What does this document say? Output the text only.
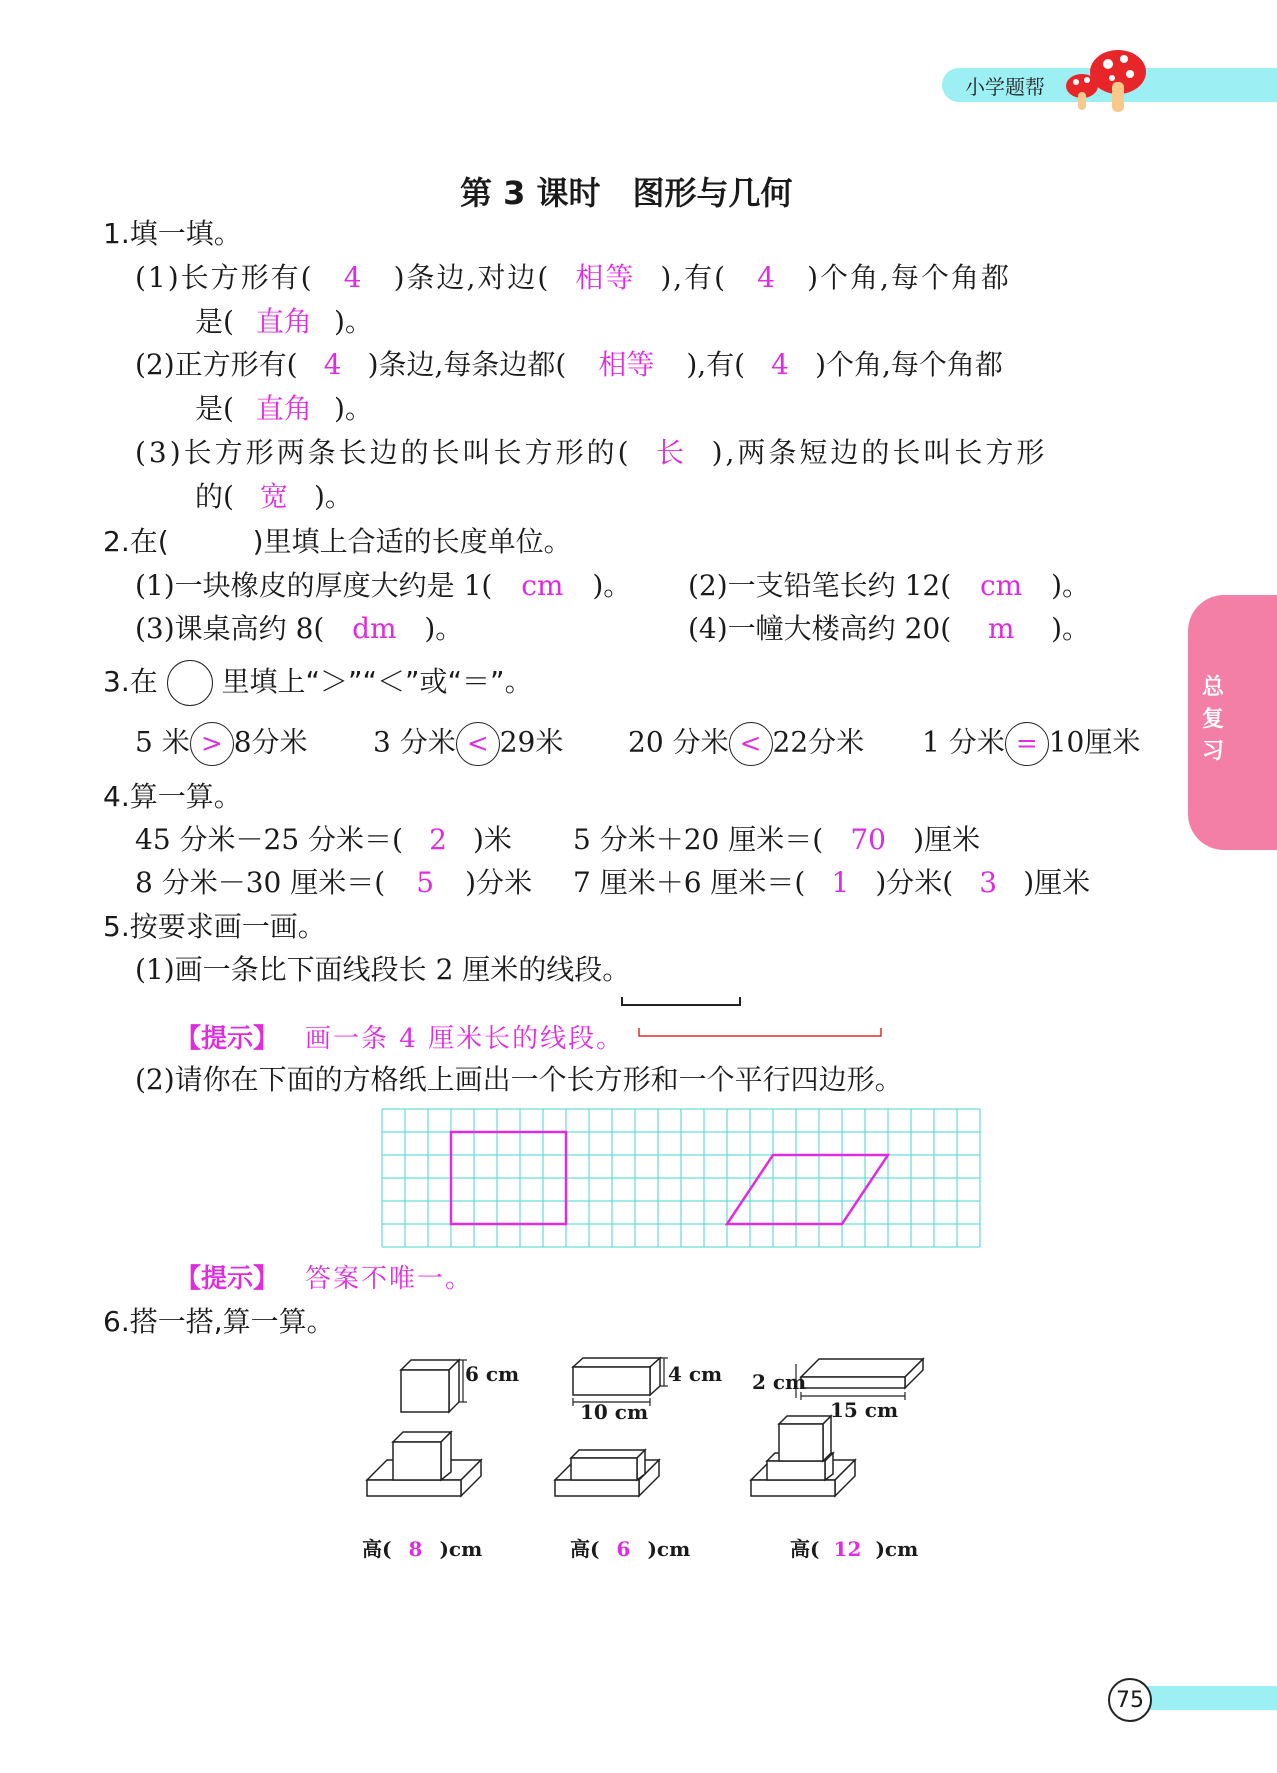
小学题帮
总复习
第 3 课时　图形与几何
1.填一填。
(1)长方形有( 4 )条边,对边( 相等 ),有( 4 )个角,每个角都
是( 直角 )。
(2)正方形有( 4 )条边,每条边都( 相等 ),有( 4 )个角,每个角都
是( 直角 )。
(3)长方形两条长边的长叫长方形的( 长 ),两条短边的长叫长方形
的( 宽 )。
2.在(　　　)里填上合适的长度单位。
(1)一块橡皮的厚度大约是 1( cm )。 (2)一支铅笔长约 12( cm )。
(3)课桌高约 8( dm )。	(4)一幢大楼高约 20( m )。
3.在 里填上“＞”“＜”或“＝”。
5 米 > 8分米 3 分米 < 29米 20 分米 < 22分米 1 分米 = 10厘米
4.算一算。
45 分米－25 分米＝( 2 )米 5 分米＋20 厘米＝( 70 )厘米
8 分米－30 厘米＝( 5 )分米 7 厘米＋6 厘米＝( 1 )分米( 3 )厘米
5.按要求画一画。
(1)画一条比下面线段长 2 厘米的线段。
【提示】 画一条 4 厘米长的线段。
(2)请你在下面的方格纸上画出一个长方形和一个平行四边形。
【提示】 答案不唯一。
6.搭一搭,算一算。
6 cm	4 cm
10 cm
2 cm
15 cm
高( 8 )cm	高( 6 )cm	高( 12 )cm
75
